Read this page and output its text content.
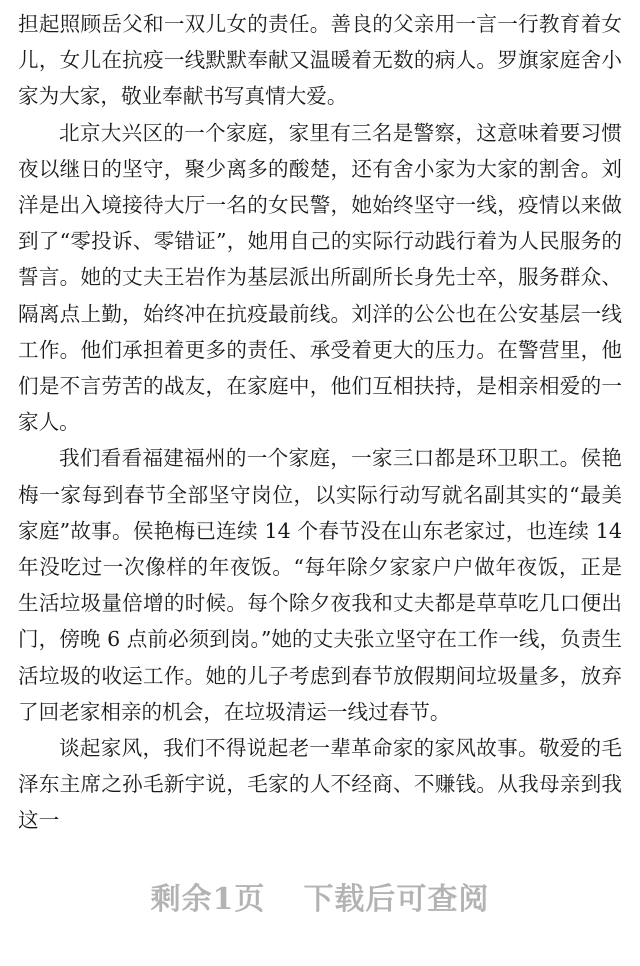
担起照顾岳父和一双儿女的责任。善良的父亲用一言一行教育着女儿，女儿在抗疫一线默默奉献又温暖着无数的病人。罗旗家庭舍小家为大家，敬业奉献书写真情大爱。

北京大兴区的一个家庭，家里有三名是警察，这意味着要习惯夜以继日的坚守，聚少离多的酸楚，还有舍小家为大家的割舍。刘洋是出入境接待大厅一名的女民警，她始终坚守一线，疫情以来做到了“零投诉、零错证”，她用自己的实际行动践行着为人民服务的誓言。她的丈夫王岩作为基层派出所副所长身先士卒，服务群众、隔离点上勤，始终冲在抗疫最前线。刘洋的公公也在公安基层一线工作。他们承担着更多的责任、承受着更大的压力。在警营里，他们是不言劳苦的战友，在家庭中，他们互相扶持，是相亲相爱的一家人。

我们看看福建福州的一个家庭，一家三口都是环卫职工。侯艳梅一家每到春节全部坚守岗位，以实际行动写就名副其实的“最美家庭”故事。侯艳梅已连续 14 个春节没在山东老家过，也连续 14 年没吃过一次像样的年夜饭。“每年除夕家家户户做年夜饭，正是生活垃圾量倍增的时候。每个除夕夜我和丈夫都是草草吃几口便出门，傍晚 6 点前必须到岗。”她的丈夫张立坚守在工作一线，负责生活垃圾的收运工作。她的儿子考虑到春节放假期间垃圾量多，放弃了回老家相亲的机会，在垃圾清运一线过春节。

谈起家风，我们不得说起老一辈革命家的家风故事。敬爱的毛泽东主席之孙毛新宇说，毛家的人不经商、不赚钱。从我母亲到我这一

剩余1页 下载后可查阅
